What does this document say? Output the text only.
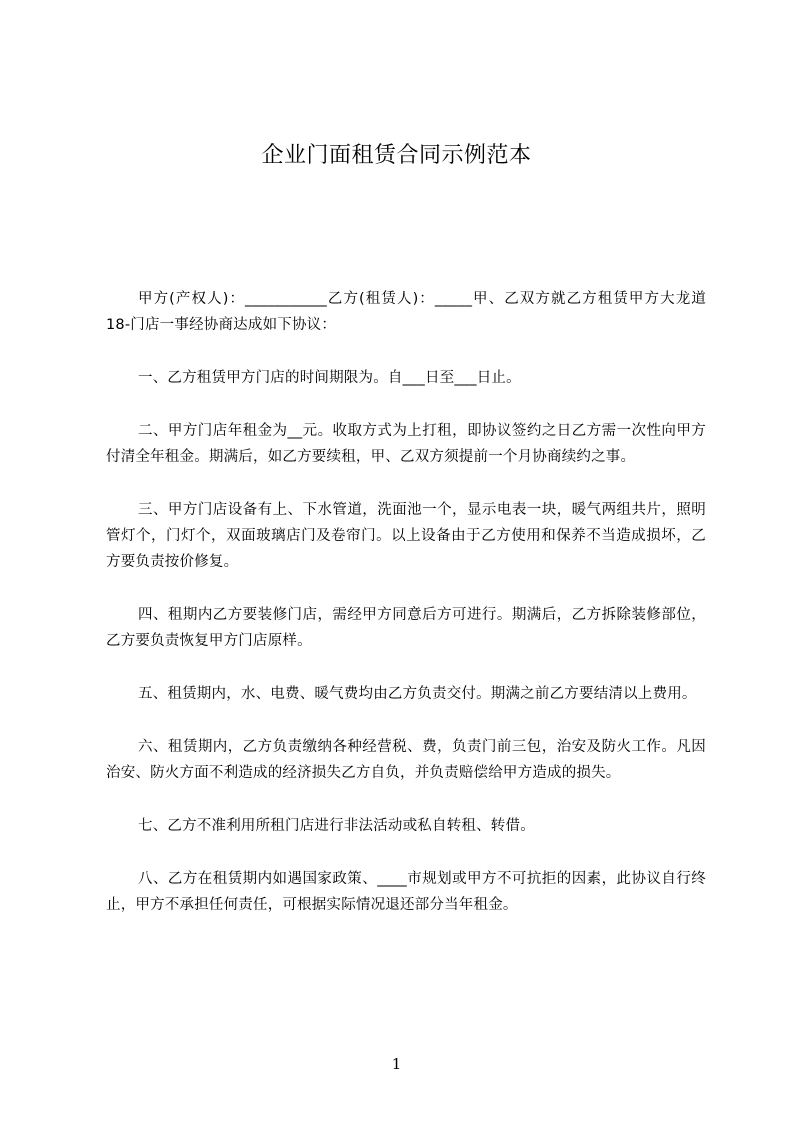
企业门面租赁合同示例范本

甲方(产权人)：___________乙方(租赁人)：_____甲、乙双方就乙方租赁甲方大龙道 18-门店一事经协商达成如下协议：

一、乙方租赁甲方门店的时间期限为。自___日至___日止。

二、甲方门店年租金为__元。收取方式为上打租，即协议签约之日乙方需一次性向甲方付清全年租金。期满后，如乙方要续租，甲、乙双方须提前一个月协商续约之事。

三、甲方门店设备有上、下水管道，洗面池一个，显示电表一块，暖气两组共片，照明管灯个，门灯个，双面玻璃店门及卷帘门。以上设备由于乙方使用和保养不当造成损坏，乙方要负责按价修复。

四、租期内乙方要装修门店，需经甲方同意后方可进行。期满后，乙方拆除装修部位，乙方要负责恢复甲方门店原样。

五、租赁期内，水、电费、暖气费均由乙方负责交付。期满之前乙方要结清以上费用。

六、租赁期内，乙方负责缴纳各种经营税、费，负责门前三包，治安及防火工作。凡因治安、防火方面不利造成的经济损失乙方自负，并负责赔偿给甲方造成的损失。

七、乙方不准利用所租门店进行非法活动或私自转租、转借。

八、乙方在租赁期内如遇国家政策、____市规划或甲方不可抗拒的因素，此协议自行终止，甲方不承担任何责任，可根据实际情况退还部分当年租金。

1
